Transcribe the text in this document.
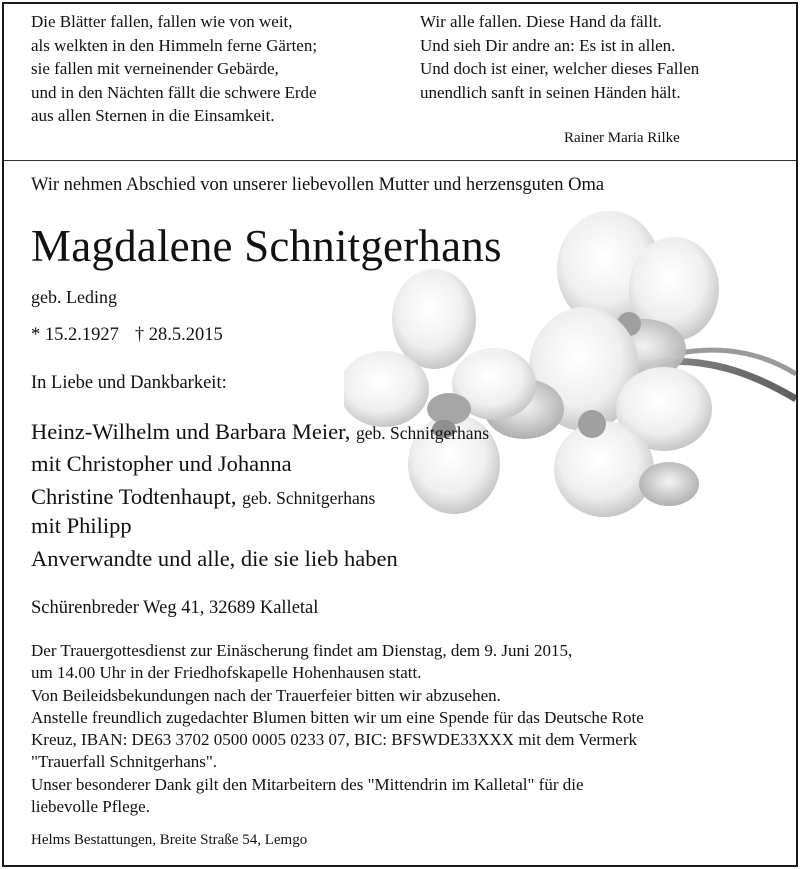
Die Blätter fallen, fallen wie von weit,
als welkten in den Himmeln ferne Gärten;
sie fallen mit verneinender Gebärde,
und in den Nächten fällt die schwere Erde
aus allen Sternen in die Einsamkeit.
Wir alle fallen. Diese Hand da fällt.
Und sieh Dir andre an: Es ist in allen.
Und doch ist einer, welcher dieses Fallen
unendlich sanft in seinen Händen hält.
Rainer Maria Rilke
Wir nehmen Abschied von unserer liebevollen Mutter und herzensguten Oma
Magdalene Schnitgerhans
geb. Leding
* 15.2.1927 † 28.5.2015
In Liebe und Dankbarkeit:
Heinz-Wilhelm und Barbara Meier, geb. Schnitgerhans
mit Christopher und Johanna
Christine Todtenhaupt, geb. Schnitgerhans
mit Philipp
Anverwandte und alle, die sie lieb haben
Schürenbreder Weg 41, 32689 Kalletal
Der Trauergottesdienst zur Einäscherung findet am Dienstag, dem 9. Juni 2015,
um 14.00 Uhr in der Friedhofskapelle Hohenhausen statt.
Von Beileidsbekundungen nach der Trauerfeier bitten wir abzusehen.
Anstelle freundlich zugedachter Blumen bitten wir um eine Spende für das Deutsche Rote
Kreuz, IBAN: DE63 3702 0500 0005 0233 07, BIC: BFSWDE33XXX mit dem Vermerk
"Trauerfall Schnitgerhans".
Unser besonderer Dank gilt den Mitarbeitern des "Mittendrin im Kalletal" für die
liebevolle Pflege.
Helms Bestattungen, Breite Straße 54, Lemgo
